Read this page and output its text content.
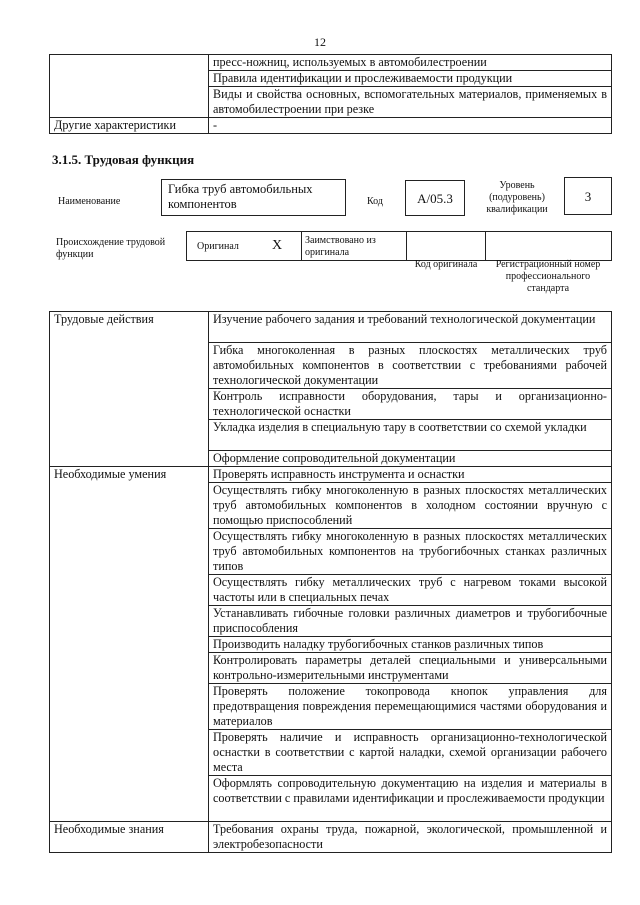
12
	пресс-ножниц, используемых в автомобилестроении
	Правила идентификации и прослеживаемости продукции
	Виды и свойства основных, вспомогательных материалов, применяемых в автомобилестроении при резке
Другие характеристики	-
3.1.5. Трудовая функция
Наименование
Гибка труб автомобильных компонентов	Код	A/05.3
Уровень (подуровень) квалификации
3
Происхождение трудовой функции
Оригинал X	Заимствовано из оригинала
Код оригинала	Регистрационный номер профессионального стандарта
Трудовые действия	Изучение рабочего задания и требований технологической документации
	Гибка многоколенная в разных плоскостях металлических труб автомобильных компонентов в соответствии с требованиями рабочей технологической документации
	Контроль исправности оборудования, тары и организационно-технологической оснастки
	Укладка изделия в специальную тару в соответствии со схемой укладки
	Оформление сопроводительной документации
Необходимые умения	Проверять исправность инструмента и оснастки
	Осуществлять гибку многоколенную в разных плоскостях металлических труб автомобильных компонентов в холодном состоянии вручную с помощью приспособлений
	Осуществлять гибку многоколенную в разных плоскостях металлических труб автомобильных компонентов на трубогибочных станках различных типов
	Осуществлять гибку металлических труб с нагревом токами высокой частоты или в специальных печах
	Устанавливать гибочные головки различных диаметров и трубогибочные приспособления
	Производить наладку трубогибочных станков различных типов
	Контролировать параметры деталей специальными и универсальными контрольно-измерительными инструментами
	Проверять положение токопровода кнопок управления для предотвращения повреждения перемещающимися частями оборудования и материалов
	Проверять наличие и исправность организационно-технологической оснастки в соответствии с картой наладки, схемой организации рабочего места
	Оформлять сопроводительную документацию на изделия и материалы в соответствии с правилами идентификации и прослеживаемости продукции
Необходимые знания	Требования охраны труда, пожарной, экологической, промышленной и электробезопасности
